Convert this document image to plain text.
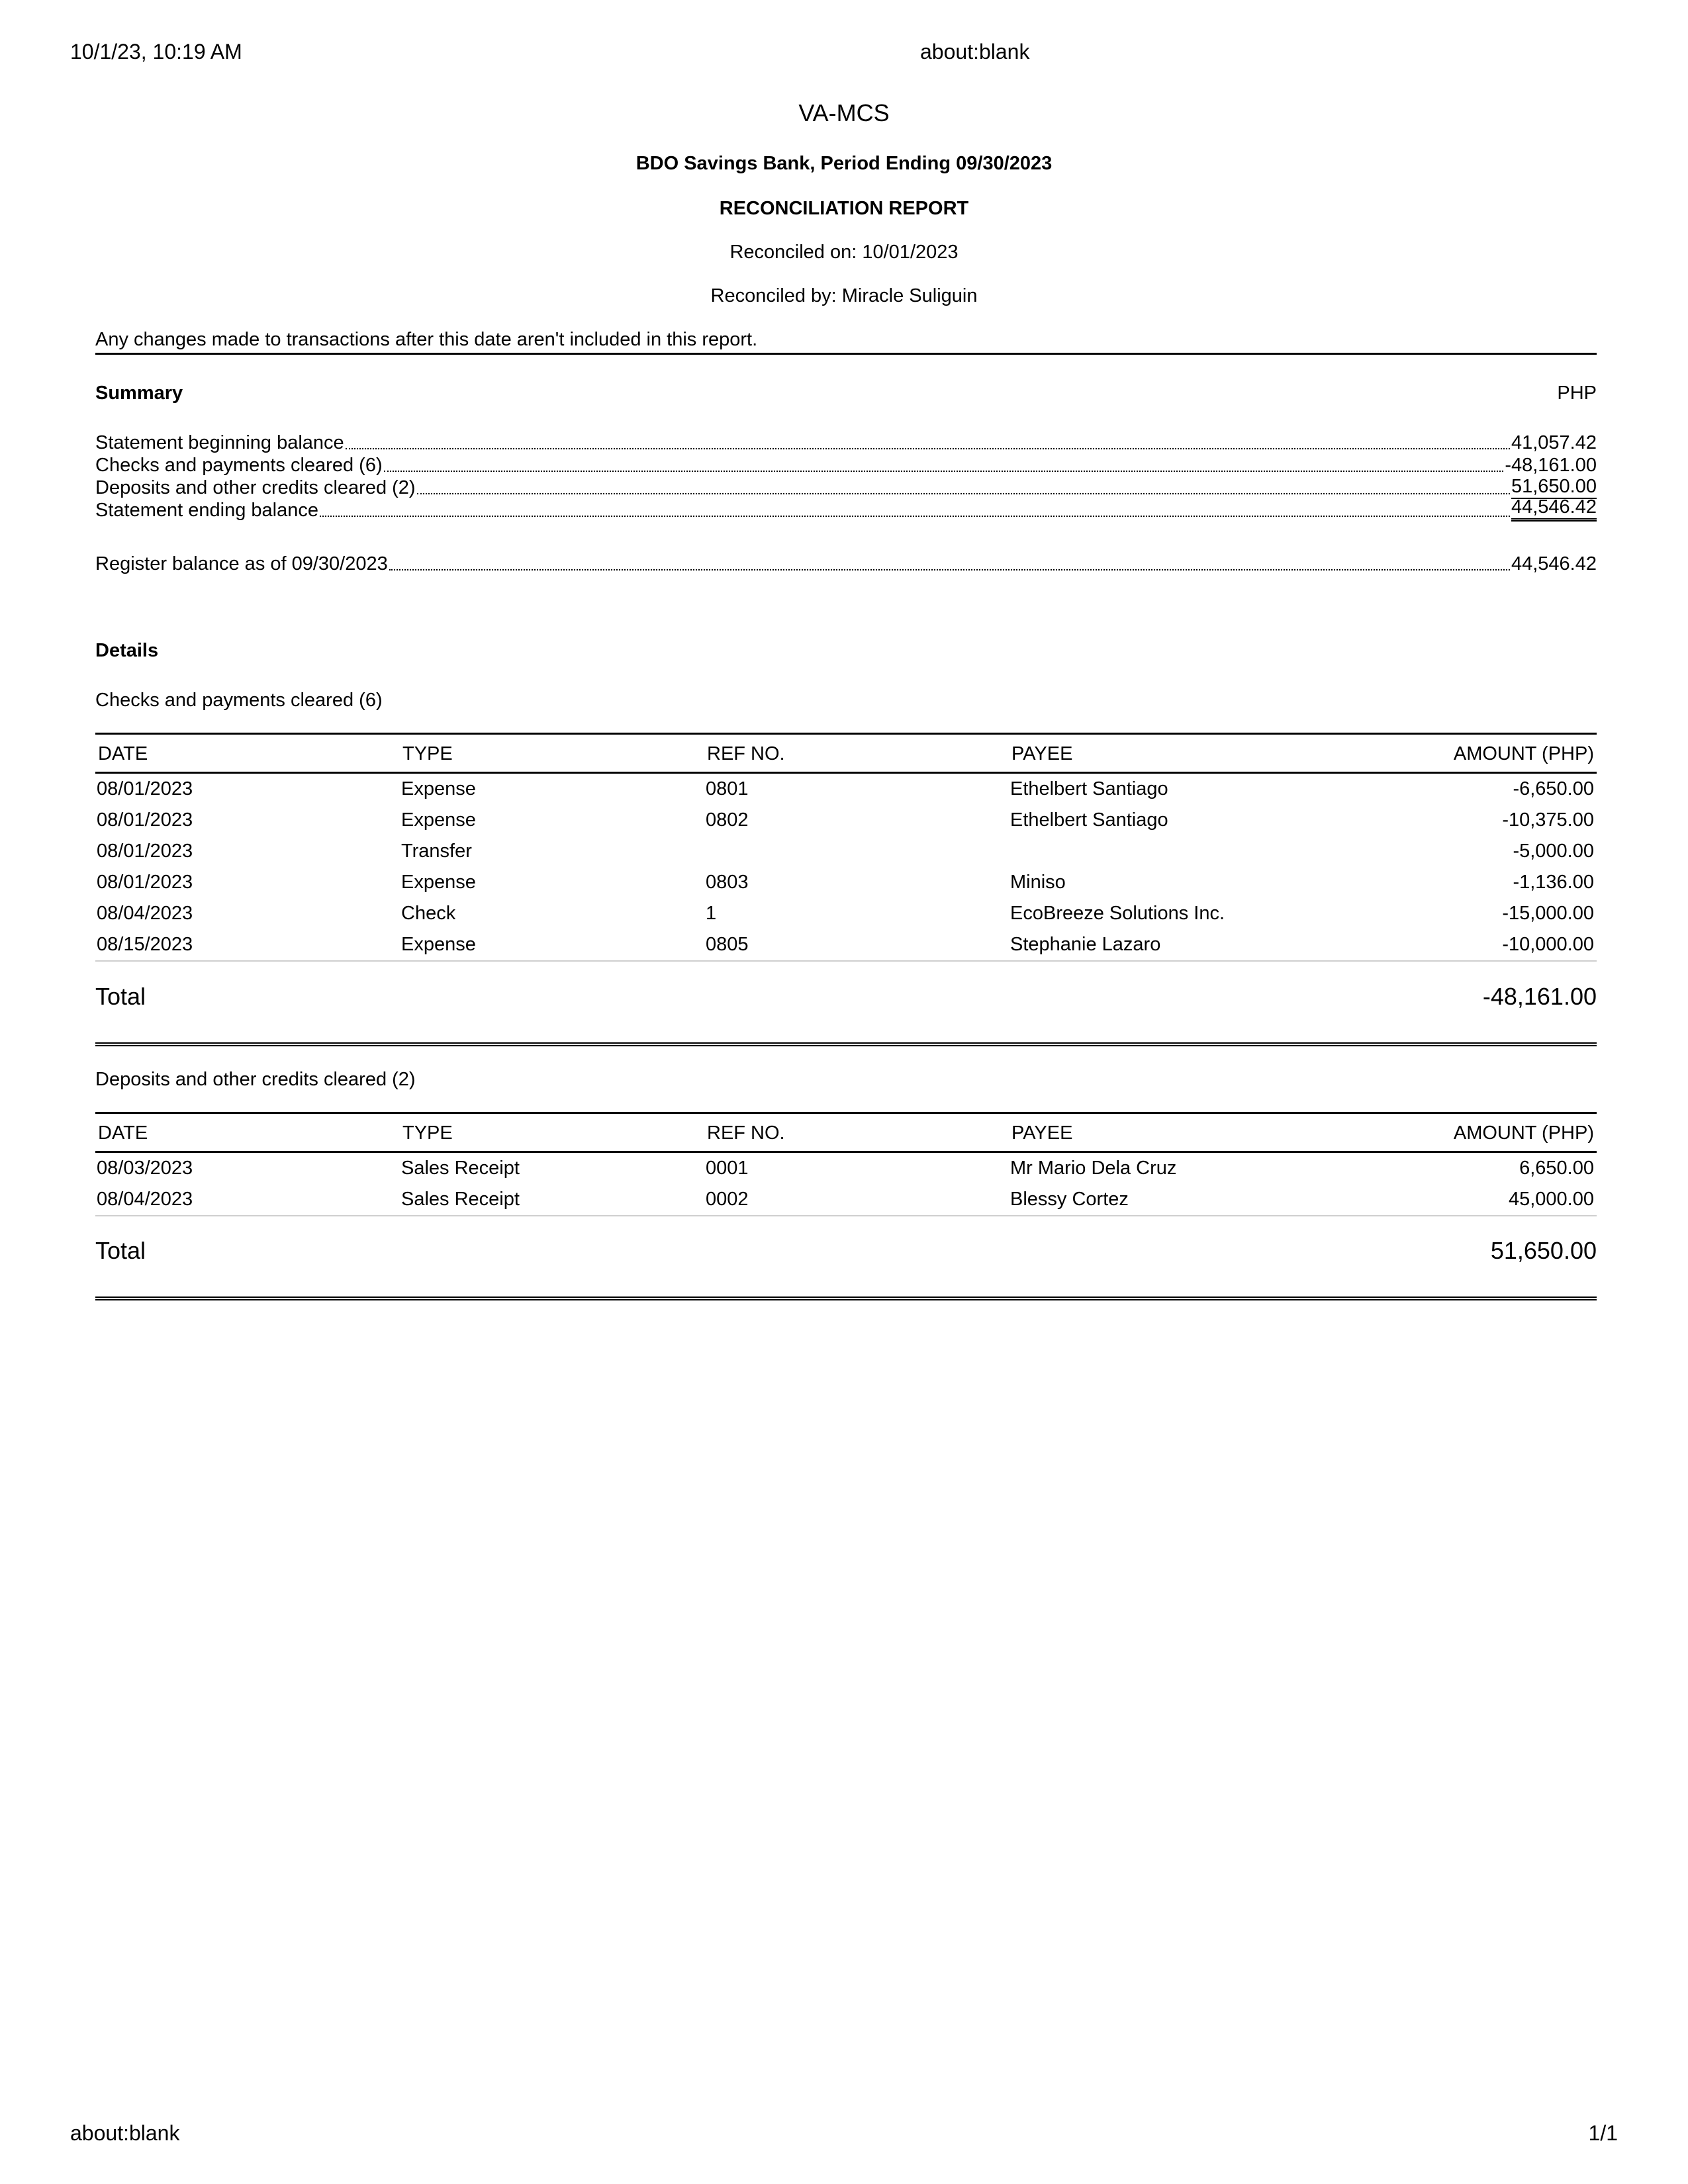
10/1/23, 10:19 AM	about:blank
about:blank	1/1
VA-MCS
BDO Savings Bank, Period Ending 09/30/2023
RECONCILIATION REPORT
Reconciled on: 10/01/2023
Reconciled by: Miracle Suliguin
Any changes made to transactions after this date aren't included in this report.
Summary	PHP
Statement beginning balance	41,057.42
Checks and payments cleared (6)	-48,161.00
Deposits and other credits cleared (2)	51,650.00
Statement ending balance	44,546.42
Register balance as of 09/30/2023	44,546.42
Details
Checks and payments cleared (6)
DATE	TYPE	REF NO.	PAYEE	AMOUNT (PHP)
08/01/2023	Expense	0801	Ethelbert Santiago	-6,650.00
08/01/2023	Expense	0802	Ethelbert Santiago	-10,375.00
08/01/2023	Transfer			-5,000.00
08/01/2023	Expense	0803	Miniso	-1,136.00
08/04/2023	Check	1	EcoBreeze Solutions Inc.	-15,000.00
08/15/2023	Expense	0805	Stephanie Lazaro	-10,000.00
Total	-48,161.00
Deposits and other credits cleared (2)
DATE	TYPE	REF NO.	PAYEE	AMOUNT (PHP)
08/03/2023	Sales Receipt	0001	Mr Mario Dela Cruz	6,650.00
08/04/2023	Sales Receipt	0002	Blessy Cortez	45,000.00
Total	51,650.00
